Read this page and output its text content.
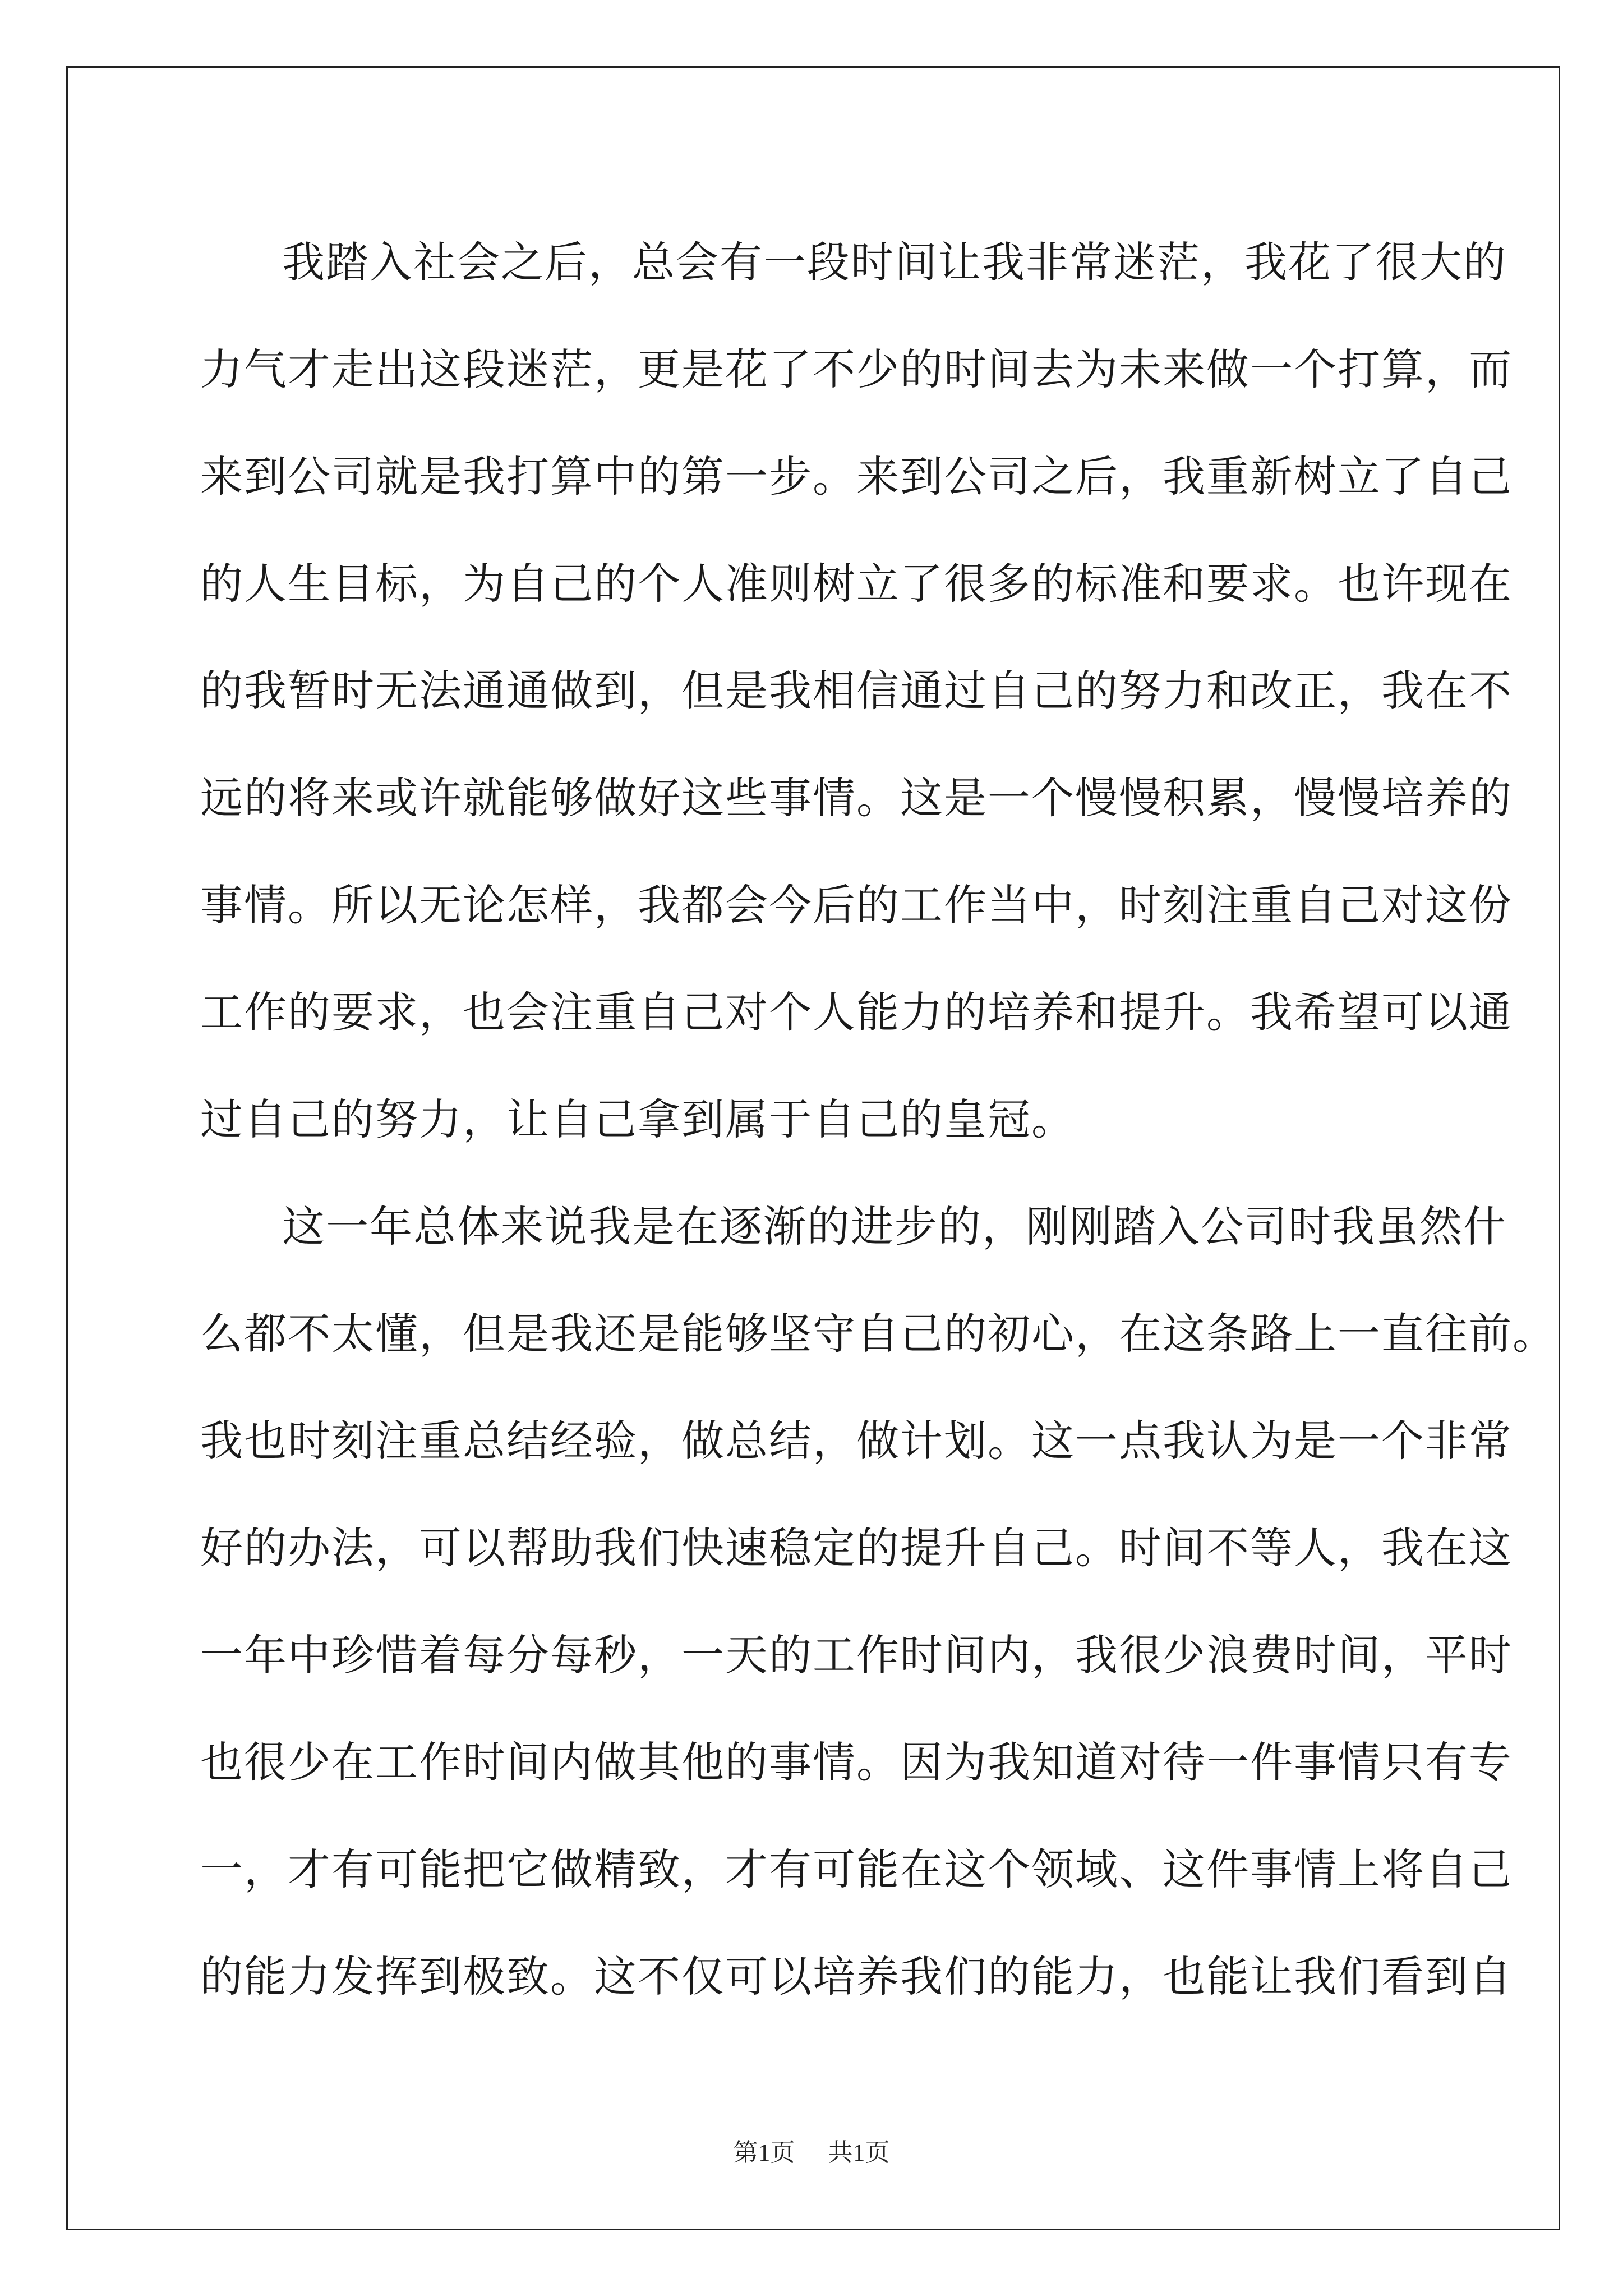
我踏入社会之后，总会有一段时间让我非常迷茫，我花了很大的
力气才走出这段迷茫，更是花了不少的时间去为未来做一个打算，而
来到公司就是我打算中的第一步。来到公司之后，我重新树立了自己
的人生目标，为自己的个人准则树立了很多的标准和要求。也许现在
的我暂时无法通通做到，但是我相信通过自己的努力和改正，我在不
远的将来或许就能够做好这些事情。这是一个慢慢积累，慢慢培养的
事情。所以无论怎样，我都会今后的工作当中，时刻注重自己对这份
工作的要求，也会注重自己对个人能力的培养和提升。我希望可以通
过自己的努力，让自己拿到属于自己的皇冠。
这一年总体来说我是在逐渐的进步的，刚刚踏入公司时我虽然什
么都不太懂，但是我还是能够坚守自己的初心，在这条路上一直往前。
我也时刻注重总结经验，做总结，做计划。这一点我认为是一个非常
好的办法，可以帮助我们快速稳定的提升自己。时间不等人，我在这
一年中珍惜着每分每秒，一天的工作时间内，我很少浪费时间，平时
也很少在工作时间内做其他的事情。因为我知道对待一件事情只有专
一，才有可能把它做精致，才有可能在这个领域、这件事情上将自己
的能力发挥到极致。这不仅可以培养我们的能力，也能让我们看到自
第1页 共1页
